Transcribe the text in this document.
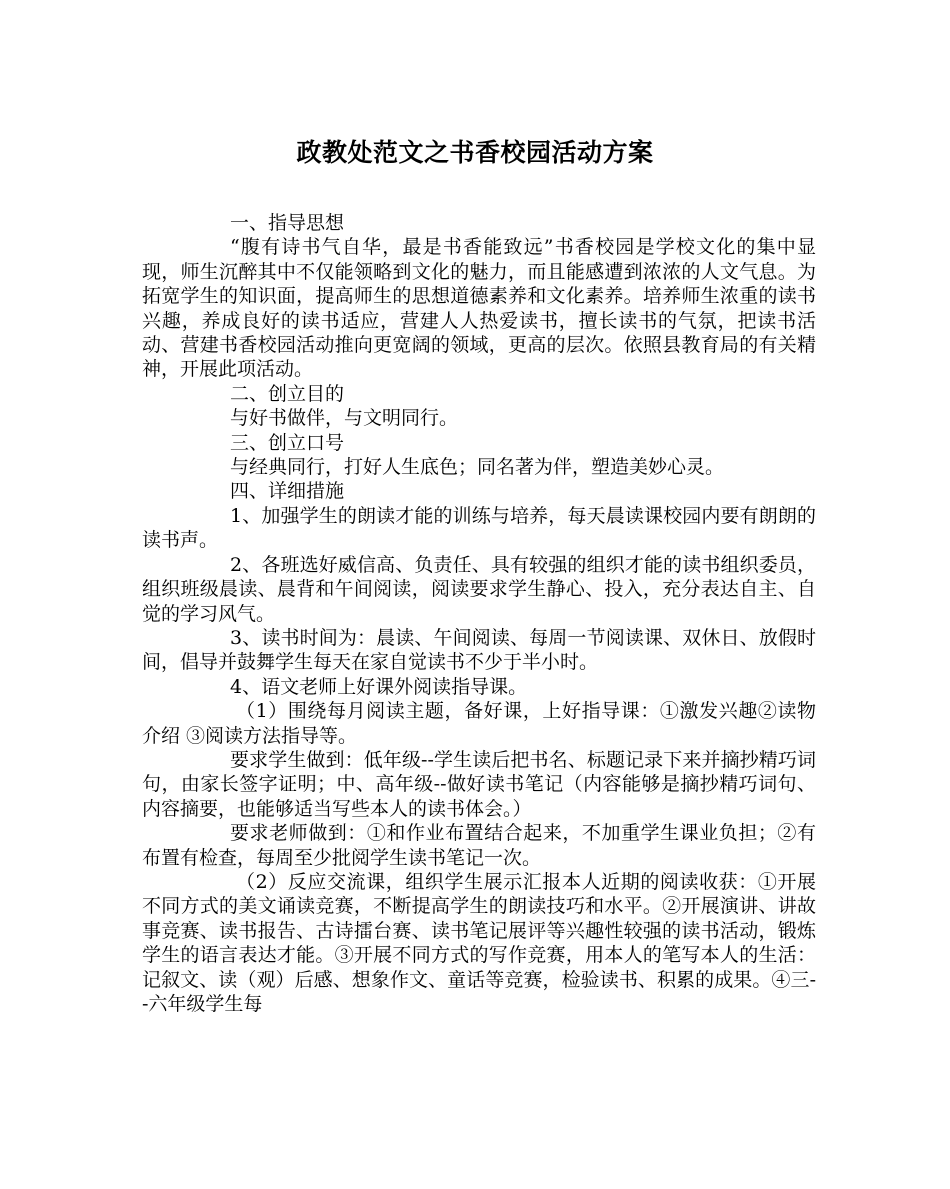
政教处范文之书香校园活动方案

一、指导思想

“腹有诗书气自华，最是书香能致远”书香校园是学校文化的集中显现，师生沉醉其中不仅能领略到文化的魅力，而且能感遭到浓浓的人文气息。为拓宽学生的知识面，提高师生的思想道德素养和文化素养。培养师生浓重的读书兴趣，养成良好的读书适应，营建人人热爱读书，擅长读书的气氛，把读书活动、营建书香校园活动推向更宽阔的领域，更高的层次。依照县教育局的有关精神，开展此项活动。

二、创立目的

与好书做伴，与文明同行。

三、创立口号

与经典同行，打好人生底色；同名著为伴，塑造美妙心灵。

四、详细措施

1、加强学生的朗读才能的训练与培养，每天晨读课校园内要有朗朗的读书声。

2、各班选好威信高、负责任、具有较强的组织才能的读书组织委员，组织班级晨读、晨背和午间阅读，阅读要求学生静心、投入，充分表达自主、自觉的学习风气。

3、读书时间为：晨读、午间阅读、每周一节阅读课、双休日、放假时间，倡导并鼓舞学生每天在家自觉读书不少于半小时。

4、语文老师上好课外阅读指导课。

（1）围绕每月阅读主题，备好课，上好指导课：①激发兴趣②读物介绍 ③阅读方法指导等。

要求学生做到：低年级--学生读后把书名、标题记录下来并摘抄精巧词句，由家长签字证明；中、高年级--做好读书笔记（内容能够是摘抄精巧词句、内容摘要，也能够适当写些本人的读书体会。）

要求老师做到：①和作业布置结合起来，不加重学生课业负担；②有布置有检查，每周至少批阅学生读书笔记一次。

（2）反应交流课，组织学生展示汇报本人近期的阅读收获：①开展不同方式的美文诵读竞赛，不断提高学生的朗读技巧和水平。②开展演讲、讲故事竞赛、读书报告、古诗擂台赛、读书笔记展评等兴趣性较强的读书活动，锻炼学生的语言表达才能。③开展不同方式的写作竞赛，用本人的笔写本人的生活：记叙文、读（观）后感、想象作文、童话等竞赛，检验读书、积累的成果。④三--六年级学生每
